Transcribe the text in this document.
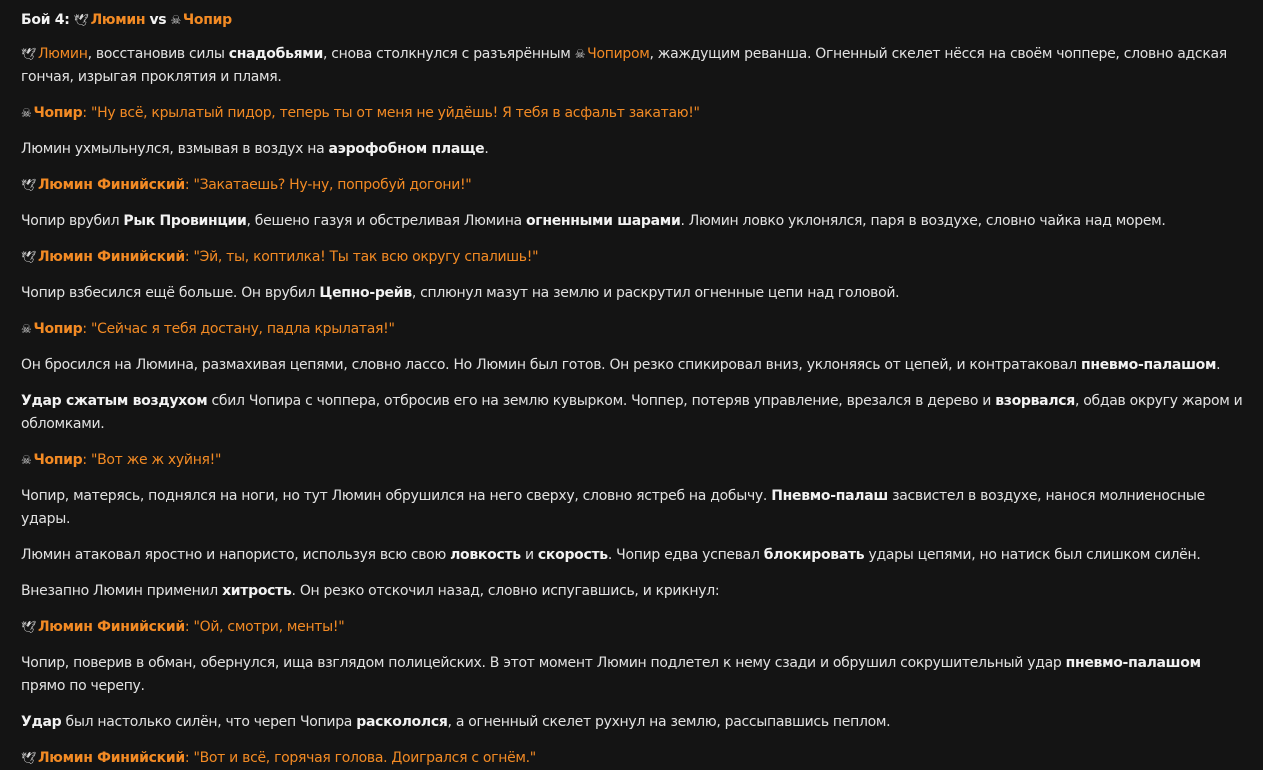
Бой 4: 🕊 Люмин vs ☠ Чопир
🕊 Люмин, восстановив силы снадобьями, снова столкнулся с разъярённым ☠ Чопиром, жаждущим реванша. Огненный скелет нёсся на своём чоппере, словно адская гончая, изрыгая проклятия и пламя.
☠ Чопир: "Ну всё, крылатый пидор, теперь ты от меня не уйдёшь! Я тебя в асфальт закатаю!"
Люмин ухмыльнулся, взмывая в воздух на аэрофобном плаще.
🕊 Люмин Финийский: "Закатаешь? Ну-ну, попробуй догони!"
Чопир врубил Рык Провинции, бешено газуя и обстреливая Люмина огненными шарами. Люмин ловко уклонялся, паря в воздухе, словно чайка над морем.
🕊 Люмин Финийский: "Эй, ты, коптилка! Ты так всю округу спалишь!"
Чопир взбесился ещё больше. Он врубил Цепно-рейв, сплюнул мазут на землю и раскрутил огненные цепи над головой.
☠ Чопир: "Сейчас я тебя достану, падла крылатая!"
Он бросился на Люмина, размахивая цепями, словно лассо. Но Люмин был готов. Он резко спикировал вниз, уклоняясь от цепей, и контратаковал пневмо-палашом.
Удар сжатым воздухом сбил Чопира с чоппера, отбросив его на землю кувырком. Чоппер, потеряв управление, врезался в дерево и взорвался, обдав округу жаром и обломками.
☠ Чопир: "Вот же ж хуйня!"
Чопир, матерясь, поднялся на ноги, но тут Люмин обрушился на него сверху, словно ястреб на добычу. Пневмо-палаш засвистел в воздухе, нанося молниеносные удары.
Люмин атаковал яростно и напористо, используя всю свою ловкость и скорость. Чопир едва успевал блокировать удары цепями, но натиск был слишком силён.
Внезапно Люмин применил хитрость. Он резко отскочил назад, словно испугавшись, и крикнул:
🕊 Люмин Финийский: "Ой, смотри, менты!"
Чопир, поверив в обман, обернулся, ища взглядом полицейских. В этот момент Люмин подлетел к нему сзади и обрушил сокрушительный удар пневмо-палашом прямо по черепу.
Удар был настолько силён, что череп Чопира раскололся, а огненный скелет рухнул на землю, рассыпавшись пеплом.
🕊 Люмин Финийский: "Вот и всё, горячая голова. Доигрался с огнём."
